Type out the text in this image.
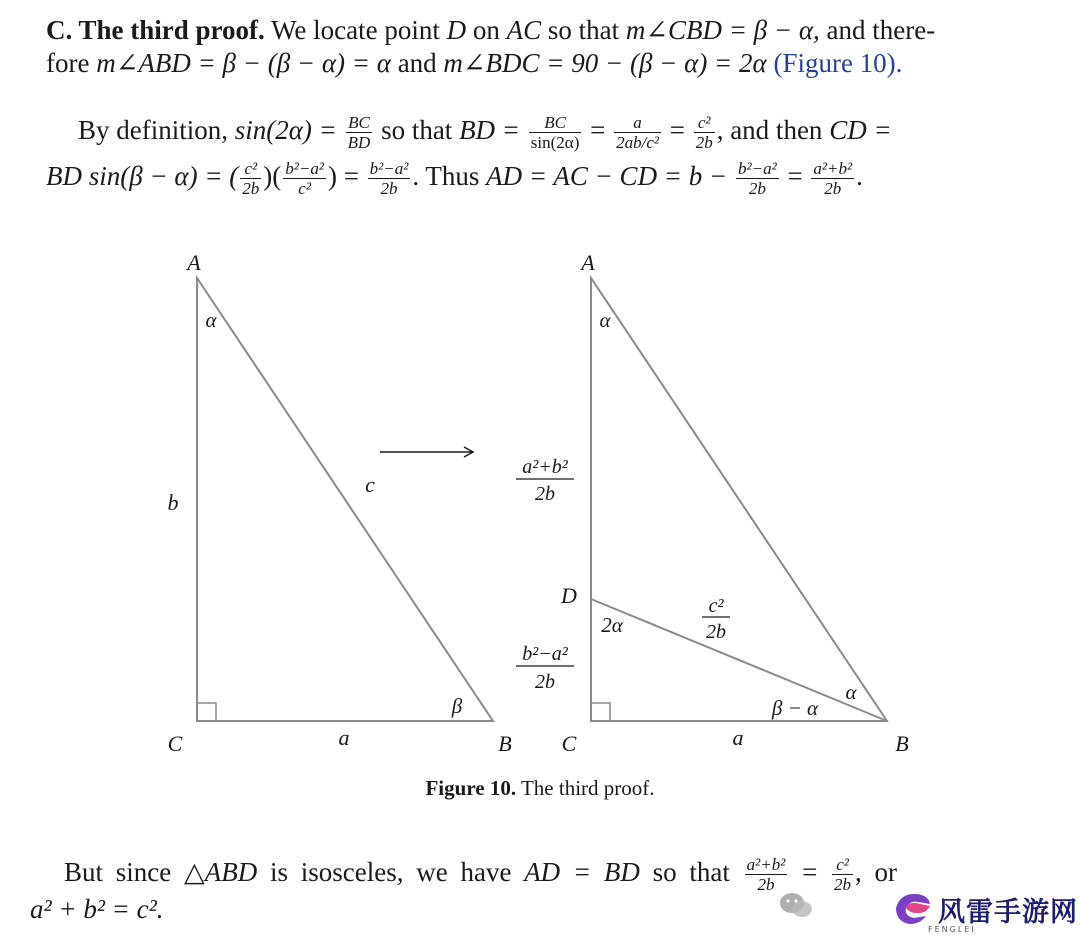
C. The third proof. We locate point D on AC so that m∠CBD = β − α, and there-
fore m∠ABD = β − (β − α) = α and m∠BDC = 90 − (β − α) = 2α (Figure 10).
By definition, $\sin(2\alpha) = \frac{BC}{BD}$ so that BD = $\frac{BC}{\sin(2\alpha)} = \frac{a}{\text{2ab/c²}} = \frac{\text{c²}}{2b}$ , and then CD =
BD sin(β − α) = ( $\frac{\text{c²}}{2b}$ )( $\frac{\text{b²−a²}}{\text{c²}}$ ) = $\frac{\text{b²−a²}}{2b}$ . Thus AD = AC − CD = $b - \frac{\text{b²−a²}}{2b} = \frac{\text{a²+b²}}{2b}$ .
A
C	B
α
β
b
c
a
A
C	B
D
α
2α
α
β − α
a
a²+b²
2b
b²−a²
2b
c²
2b
Figure 10. The third proof.
But since △ABD is isosceles, we have AD = BD so that $\frac{\text{a²+b²}}{2b} = \frac{\text{c²}}{2b}$ , or
a² + b² = c².	风雷手游网
FENGLEI
